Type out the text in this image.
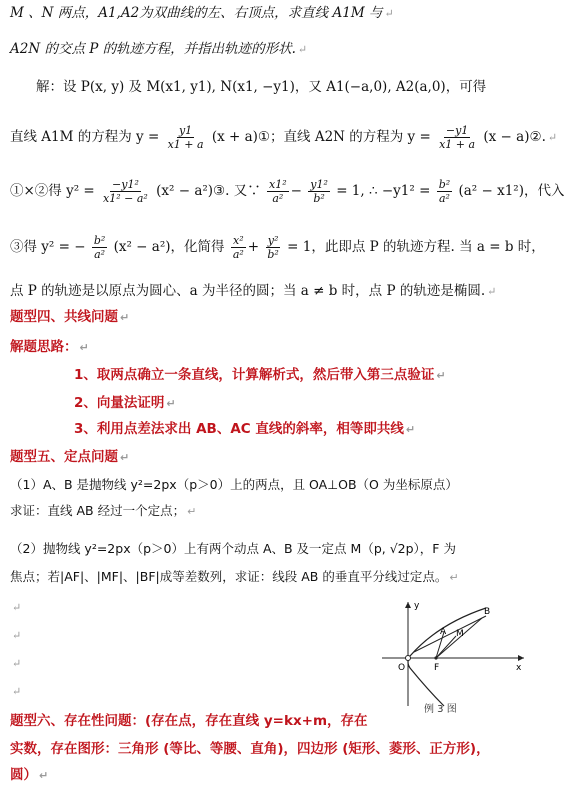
M 、N 两点，A1,A2为双曲线的左、右顶点，求直线 A1M 与 ↵
A2N 的交点 P 的轨迹方程，并指出轨迹的形状. ↵
解：设 P(x, y) 及 M(x1, y1), N(x1, −y1)，又 A1(−a,0), A2(a,0)，可得
直线 A1M 的方程为 $y = \frac{y1}{x1 + a} (x$ + a)①；直线 A2N 的方程为 $y = \frac{-y1}{x1 + a} (x$ − a)②. ↵
①×②得 $y^2 = \frac{\text{−y1²}}{\text{x1² − a²}} (x^2$ − a²)③. 又∵ $\frac{\text{x1²}}{\text{a²}} - \frac{\text{y1²}}{\text{b²}} = 1$, ∴ $-y1^2 = \frac{\text{b²}}{\text{a²}} (a^2 - x1^2)$，代入
③得 y² = − $\frac{\text{b²}}{\text{a²}} (x^2 - a^2)$，化简得 $\frac{\text{x²}}{\text{a²}} + \frac{\text{y²}}{\text{b²}} = 1$，此即点 P 的轨迹方程. 当 a = b 时，
点 P 的轨迹是以原点为圆心、a 为半径的圆；当 a ≠ b 时，点 P 的轨迹是椭圆. ↵
题型四、共线问题 ↵
解题思路： ↵
1、取两点确立一条直线，计算解析式，然后带入第三点验证 ↵
2、向量法证明 ↵
3、利用点差法求出 AB、AC 直线的斜率，相等即共线 ↵
题型五、定点问题 ↵
（1）A、B 是抛物线 y²=2px（p＞0）上的两点，且 OA⊥OB（O 为坐标原点）
求证：直线 AB 经过一个定点； ↵
（2）抛物线 y²=2px（p＞0）上有两个动点 A、B 及一定点 M（p, √2p），F 为
焦点；若|AF|、|MF|、|BF|成等差数列，求证：线段 AB 的垂直平分线过定点。 ↵
↵
↵
↵
↵
y
x
O
A M
F
B
例 3 图
题型六、存在性问题：(存在点，存在直线 y=kx+m，存在
实数，存在图形：三角形 (等比、等腰、直角)，四边形 (矩形、菱形、正方形)，
圆） ↵
